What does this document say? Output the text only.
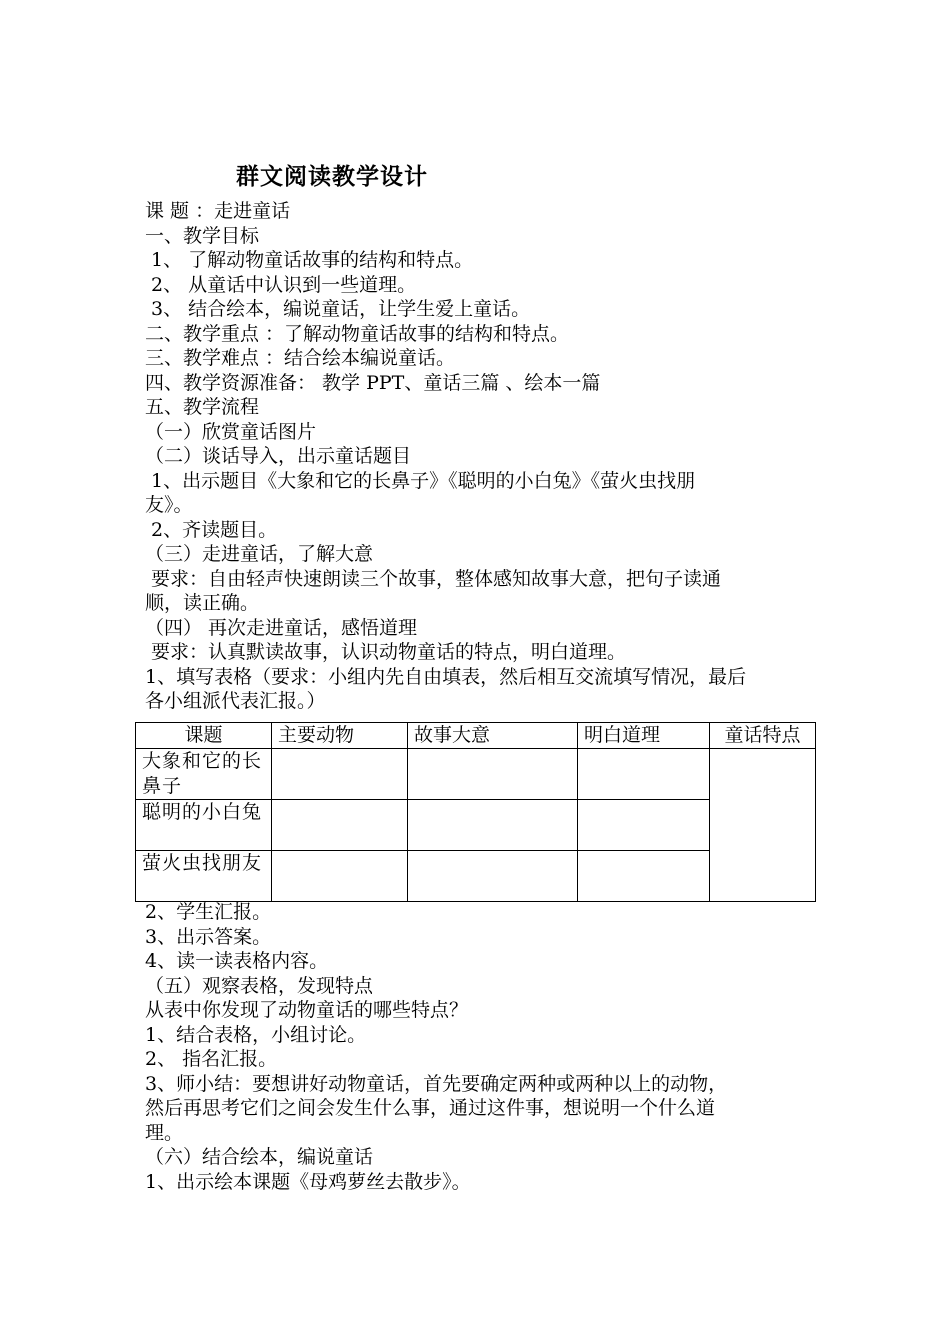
群文阅读教学设计
课 题 ：走进童话
一、教学目标
1、 了解动物童话故事的结构和特点。
2、 从童话中认识到一些道理。
3、 结合绘本，编说童话，让学生爱上童话。
二、教学重点 ：了解动物童话故事的结构和特点。
三、教学难点 ：结合绘本编说童话。
四、教学资源准备： 教学 PPT、童话三篇 、绘本一篇
五、教学流程
（一）欣赏童话图片
（二）谈话导入，出示童话题目
1、出示题目《大象和它的长鼻子》《聪明的小白兔》《萤火虫找朋
友》。
2、齐读题目。
（三）走进童话，了解大意
要求：自由轻声快速朗读三个故事，整体感知故事大意，把句子读通
顺，读正确。
（四） 再次走进童话，感悟道理
要求：认真默读故事，认识动物童话的特点，明白道理。
1、填写表格（要求：小组内先自由填表，然后相互交流填写情况，最后
各小组派代表汇报。）
课题	主要动物	故事大意	明白道理	童话特点
大象和它的长鼻子				
聪明的小白兔				
萤火虫找朋友				
2、学生汇报。
3、出示答案。
4、读一读表格内容。
（五）观察表格，发现特点
从表中你发现了动物童话的哪些特点？
1、结合表格，小组讨论。
2、 指名汇报。
3、师小结：要想讲好动物童话，首先要确定两种或两种以上的动物，
然后再思考它们之间会发生什么事，通过这件事，想说明一个什么道
理。
（六）结合绘本，编说童话
1、出示绘本课题《母鸡萝丝去散步》。
